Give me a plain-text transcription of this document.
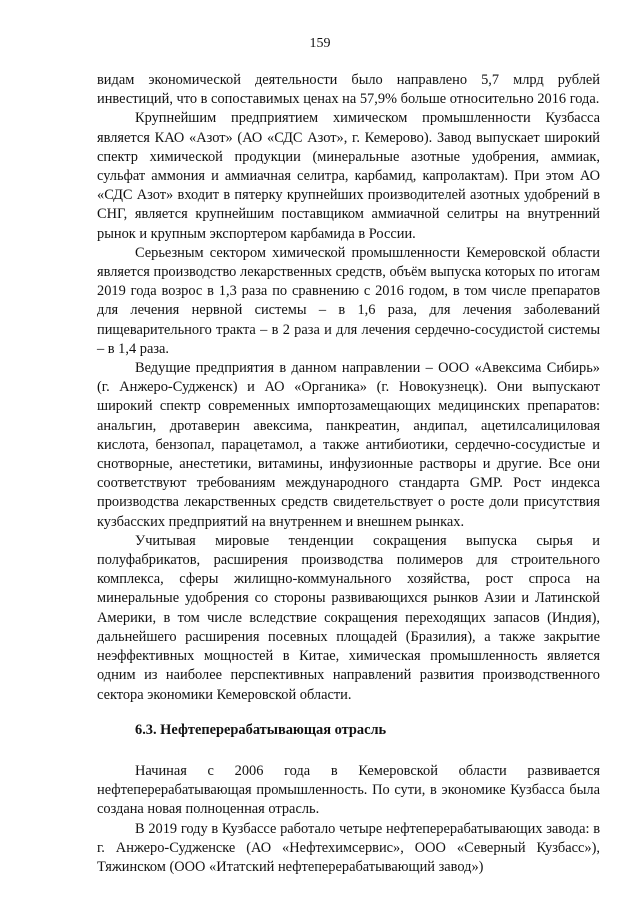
159

видам экономической деятельности было направлено 5,7 млрд рублей инвестиций, что в сопоставимых ценах на 57,9% больше относительно 2016 года.

Крупнейшим предприятием химическом промышленности Кузбасса является КАО «Азот» (АО «СДС Азот», г. Кемерово). Завод выпускает широкий спектр химической продукции (минеральные азотные удобрения, аммиак, сульфат аммония и аммиачная селитра, карбамид, капролактам). При этом АО «СДС Азот» входит в пятерку крупнейших производителей азотных удобрений в СНГ, является крупнейшим поставщиком аммиачной селитры на внутренний рынок и крупным экспортером карбамида в России.

Серьезным сектором химической промышленности Кемеровской области является производство лекарственных средств, объём выпуска которых по итогам 2019 года возрос в 1,3 раза по сравнению с 2016 годом, в том числе препаратов для лечения нервной системы – в 1,6 раза, для лечения заболеваний пищеварительного тракта – в 2 раза и для лечения сердечно-сосудистой системы – в 1,4 раза.

Ведущие предприятия в данном направлении – ООО «Авексима Сибирь» (г. Анжеро-Судженск) и АО «Органика» (г. Новокузнецк). Они выпускают широкий спектр современных импортозамещающих медицинских препаратов: анальгин, дротаверин авексима, панкреатин, андипал, ацетилсалициловая кислота, бензопал, парацетамол, а также антибиотики, сердечно-сосудистые и снотворные, анестетики, витамины, инфузионные растворы и другие. Все они соответствуют требованиям международного стандарта GMP. Рост индекса производства лекарственных средств свидетельствует о росте доли присутствия кузбасских предприятий на внутреннем и внешнем рынках.

Учитывая мировые тенденции сокращения выпуска сырья и полуфабрикатов, расширения производства полимеров для строительного комплекса, сферы жилищно-коммунального хозяйства, рост спроса на минеральные удобрения со стороны развивающихся рынков Азии и Латинской Америки, в том числе вследствие сокращения переходящих запасов (Индия), дальнейшего расширения посевных площадей (Бразилия), а также закрытие неэффективных мощностей в Китае, химическая промышленность является одним из наиболее перспективных направлений развития производственного сектора экономики Кемеровской области.

6.3. Нефтеперерабатывающая отрасль

Начиная с 2006 года в Кемеровской области развивается нефтеперерабатывающая промышленность. По сути, в экономике Кузбасса была создана новая полноценная отрасль.

В 2019 году в Кузбассе работало четыре нефтеперерабатывающих завода: в г. Анжеро-Судженске (АО «Нефтехимсервис», ООО «Северный Кузбасс»), Тяжинском (ООО «Итатский нефтеперерабатывающий завод»)
